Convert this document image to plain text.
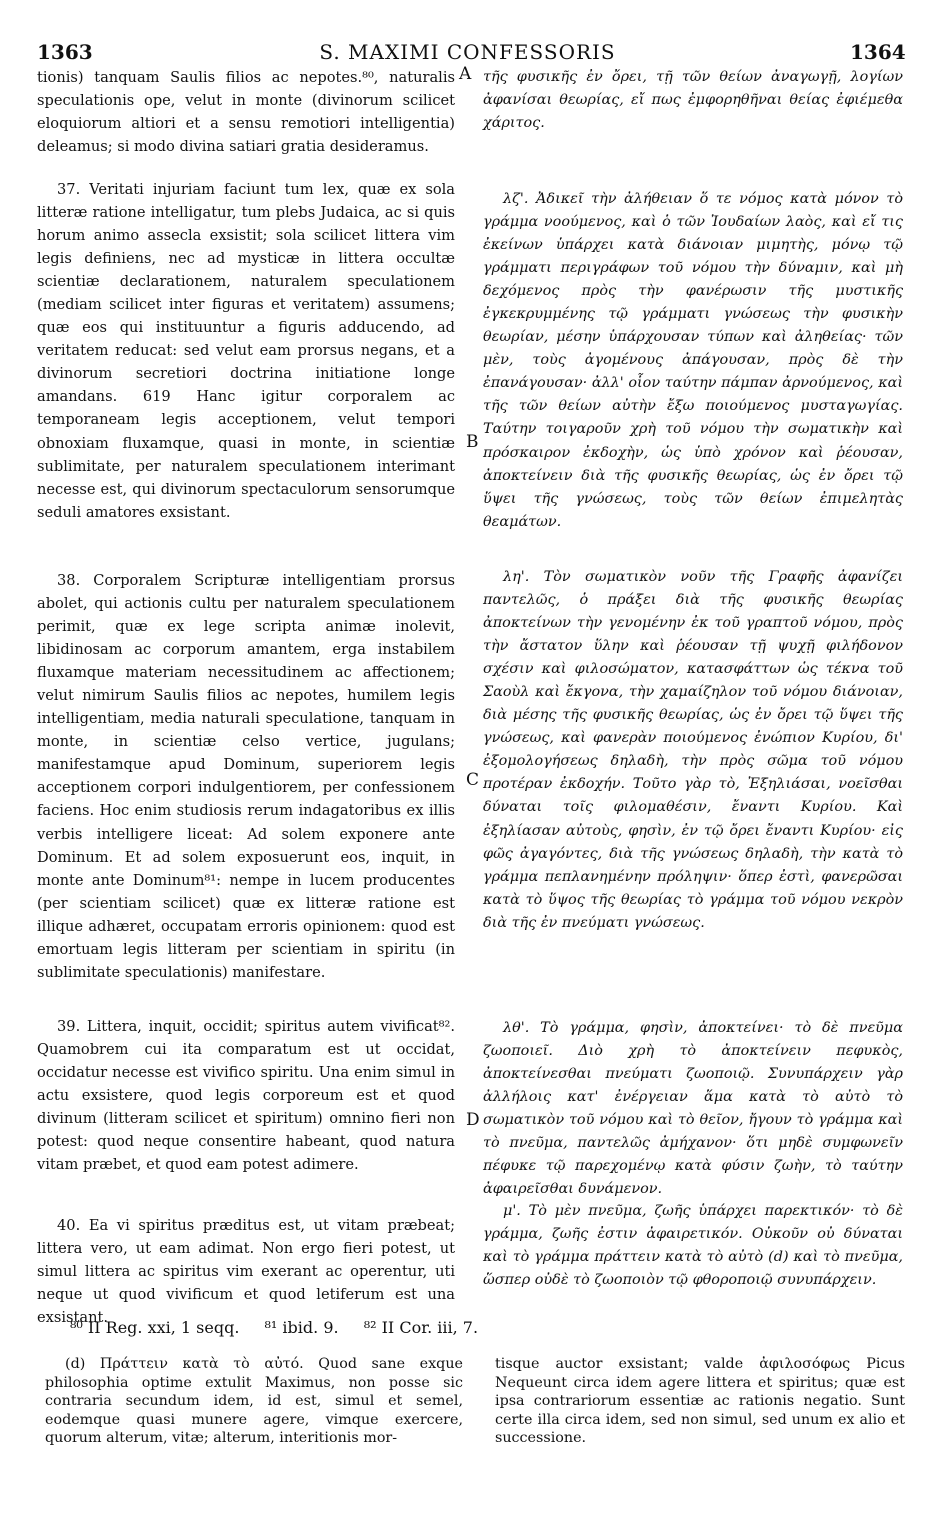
1363	S. MAXIMI CONFESSORIS	1364

tionis) tanquam Saulis filios ac nepotes.⁸⁰, naturalis speculationis ope, velut in monte (divinorum scilicet eloquiorum altiori et a sensu remotiori intelligentia) deleamus; si modo divina satiari gratia desideramus.

37. Veritati injuriam faciunt tum lex, quæ ex sola litteræ ratione intelligatur, tum plebs Judaica, ac si quis horum animo assecla exsistit; sola scilicet littera vim legis definiens, nec ad mysticæ in littera occultæ scientiæ declarationem, naturalem speculationem (mediam scilicet inter figuras et veritatem) assumens; quæ eos qui instituuntur a figuris adducendo, ad veritatem reducat: sed velut eam prorsus negans, et a divinorum secretiori doctrina initiatione longe amandans. 619 Hanc igitur corporalem ac temporaneam legis acceptionem, velut tempori obnoxiam fluxamque, quasi in monte, in scientiæ sublimitate, per naturalem speculationem interimant necesse est, qui divinorum spectaculorum sensorumque seduli amatores exsistant.

38. Corporalem Scripturæ intelligentiam prorsus abolet, qui actionis cultu per naturalem speculationem perimit, quæ ex lege scripta animæ inolevit, libidinosam ac corporum amantem, erga instabilem fluxamque materiam necessitudinem ac affectionem; velut nimirum Saulis filios ac nepotes, humilem legis intelligentiam, media naturali speculatione, tanquam in monte, in scientiæ celso vertice, jugulans; manifestamque apud Dominum, superiorem legis acceptionem corpori indulgentiorem, per confessionem faciens. Hoc enim studiosis rerum indagatoribus ex illis verbis intelligere liceat: Ad solem exponere ante Dominum. Et ad solem exposuerunt eos, inquit, in monte ante Dominum⁸¹: nempe in lucem producentes (per scientiam scilicet) quæ ex litteræ ratione est illique adhæret, occupatam erroris opinionem: quod est emortuam legis litteram per scientiam in spiritu (in sublimitate speculationis) manifestare.

39. Littera, inquit, occidit; spiritus autem vivificat⁸². Quamobrem cui ita comparatum est ut occidat, occidatur necesse est vivifico spiritu. Una enim simul in actu exsistere, quod legis corporeum est et quod divinum (litteram scilicet et spiritum) omnino fieri non potest: quod neque consentire habeant, quod natura vitam præbet, et quod eam potest adimere.

40. Ea vi spiritus præditus est, ut vitam præbeat; littera vero, ut eam adimat. Non ergo fieri potest, ut simul littera ac spiritus vim exerant ac operentur, uti neque ut quod vivificum et quod letiferum est una exsistant.

A
B
C
D

τῆς φυσικῆς ἐν ὄρει, τῇ τῶν θείων ἀναγωγῇ, λογίων ἀφανίσαι θεωρίας, εἴ πως ἐμφορηθῆναι θείας ἐφιέμεθα χάριτος.

λζ'. Ἀδικεῖ τὴν ἀλήθειαν ὅ τε νόμος κατὰ μόνον τὸ γράμμα νοούμενος, καὶ ὁ τῶν Ἰουδαίων λαὸς, καὶ εἴ τις ἐκείνων ὑπάρχει κατὰ διάνοιαν μιμητὴς, μόνῳ τῷ γράμματι περιγράφων τοῦ νόμου τὴν δύναμιν, καὶ μὴ δεχόμενος πρὸς τὴν φανέρωσιν τῆς μυστικῆς ἐγκεκρυμμένης τῷ γράμματι γνώσεως τὴν φυσικὴν θεωρίαν, μέσην ὑπάρχουσαν τύπων καὶ ἀληθείας· τῶν μὲν, τοὺς ἀγομένους ἀπάγουσαν, πρὸς δὲ τὴν ἐπανάγουσαν· ἀλλ' οἷον ταύτην πάμπαν ἀρνούμενος, καὶ τῆς τῶν θείων αὐτὴν ἔξω ποιούμενος μυσταγωγίας. Ταύτην τοιγαροῦν χρὴ τοῦ νόμου τὴν σωματικὴν καὶ πρόσκαιρον ἐκδοχὴν, ὡς ὑπὸ χρόνον καὶ ῥέουσαν, ἀποκτείνειν διὰ τῆς φυσικῆς θεωρίας, ὡς ἐν ὄρει τῷ ὕψει τῆς γνώσεως, τοὺς τῶν θείων ἐπιμελητὰς θεαμάτων.

λη'. Τὸν σωματικὸν νοῦν τῆς Γραφῆς ἀφανίζει παντελῶς, ὁ πράξει διὰ τῆς φυσικῆς θεωρίας ἀποκτείνων τὴν γενομένην ἐκ τοῦ γραπτοῦ νόμου, πρὸς τὴν ἄστατον ὕλην καὶ ῥέουσαν τῇ ψυχῇ φιλήδονον σχέσιν καὶ φιλοσώματον, κατασφάττων ὡς τέκνα τοῦ Σαοὺλ καὶ ἔκγονα, τὴν χαμαίζηλον τοῦ νόμου διάνοιαν, διὰ μέσης τῆς φυσικῆς θεωρίας, ὡς ἐν ὄρει τῷ ὕψει τῆς γνώσεως, καὶ φανερὰν ποιούμενος ἐνώπιον Κυρίου, δι' ἐξομολογήσεως δηλαδὴ, τὴν πρὸς σῶμα τοῦ νόμου προτέραν ἐκδοχήν. Τοῦτο γὰρ τὸ, Ἐξηλιάσαι, νοεῖσθαι δύναται τοῖς φιλομαθέσιν, ἔναντι Κυρίου. Καὶ ἐξηλίασαν αὐτοὺς, φησὶν, ἐν τῷ ὄρει ἔναντι Κυρίου· εἰς φῶς ἀγαγόντες, διὰ τῆς γνώσεως δηλαδὴ, τὴν κατὰ τὸ γράμμα πεπλανημένην πρόληψιν· ὅπερ ἐστὶ, φανερῶσαι κατὰ τὸ ὕψος τῆς θεωρίας τὸ γράμμα τοῦ νόμου νεκρὸν διὰ τῆς ἐν πνεύματι γνώσεως.

λθ'. Τὸ γράμμα, φησὶν, ἀποκτείνει· τὸ δὲ πνεῦμα ζωοποιεῖ. Διὸ χρὴ τὸ ἀποκτείνειν πεφυκὸς, ἀποκτείνεσθαι πνεύματι ζωοποιῷ. Συνυπάρχειν γὰρ ἀλλήλοις κατ' ἐνέργειαν ἅμα κατὰ τὸ αὐτὸ τὸ σωματικὸν τοῦ νόμου καὶ τὸ θεῖον, ἤγουν τὸ γράμμα καὶ τὸ πνεῦμα, παντελῶς ἀμήχανον· ὅτι μηδὲ συμφωνεῖν πέφυκε τῷ παρεχομένῳ κατὰ φύσιν ζωὴν, τὸ ταύτην ἀφαιρεῖσθαι δυνάμενον.

μ'. Τὸ μὲν πνεῦμα, ζωῆς ὑπάρχει παρεκτικόν· τὸ δὲ γράμμα, ζωῆς ἐστιν ἀφαιρετικόν. Οὐκοῦν οὐ δύναται καὶ τὸ γράμμα πράττειν κατὰ τὸ αὐτὸ (d) καὶ τὸ πνεῦμα, ὥσπερ οὐδὲ τὸ ζωοποιὸν τῷ φθοροποιῷ συνυπάρχειν.

⁸⁰ II Reg. xxi, 1 seqq. ⁸¹ ibid. 9. ⁸² II Cor. iii, 7.

(d) Πράττειν κατὰ τὸ αὐτό. Quod sane exque philosophia optime extulit Maximus, non posse sic contraria secundum idem, id est, simul et semel, eodemque quasi munere agere, vimque exercere, quorum alterum, vitæ; alterum, interitionis mor-

tisque auctor exsistant; valde ἀφιλοσόφως Picus Nequeunt circa idem agere littera et spiritus; quæ est ipsa contrariorum essentiæ ac rationis negatio. Sunt certe illa circa idem, sed non simul, sed unum ex alio et successione.
